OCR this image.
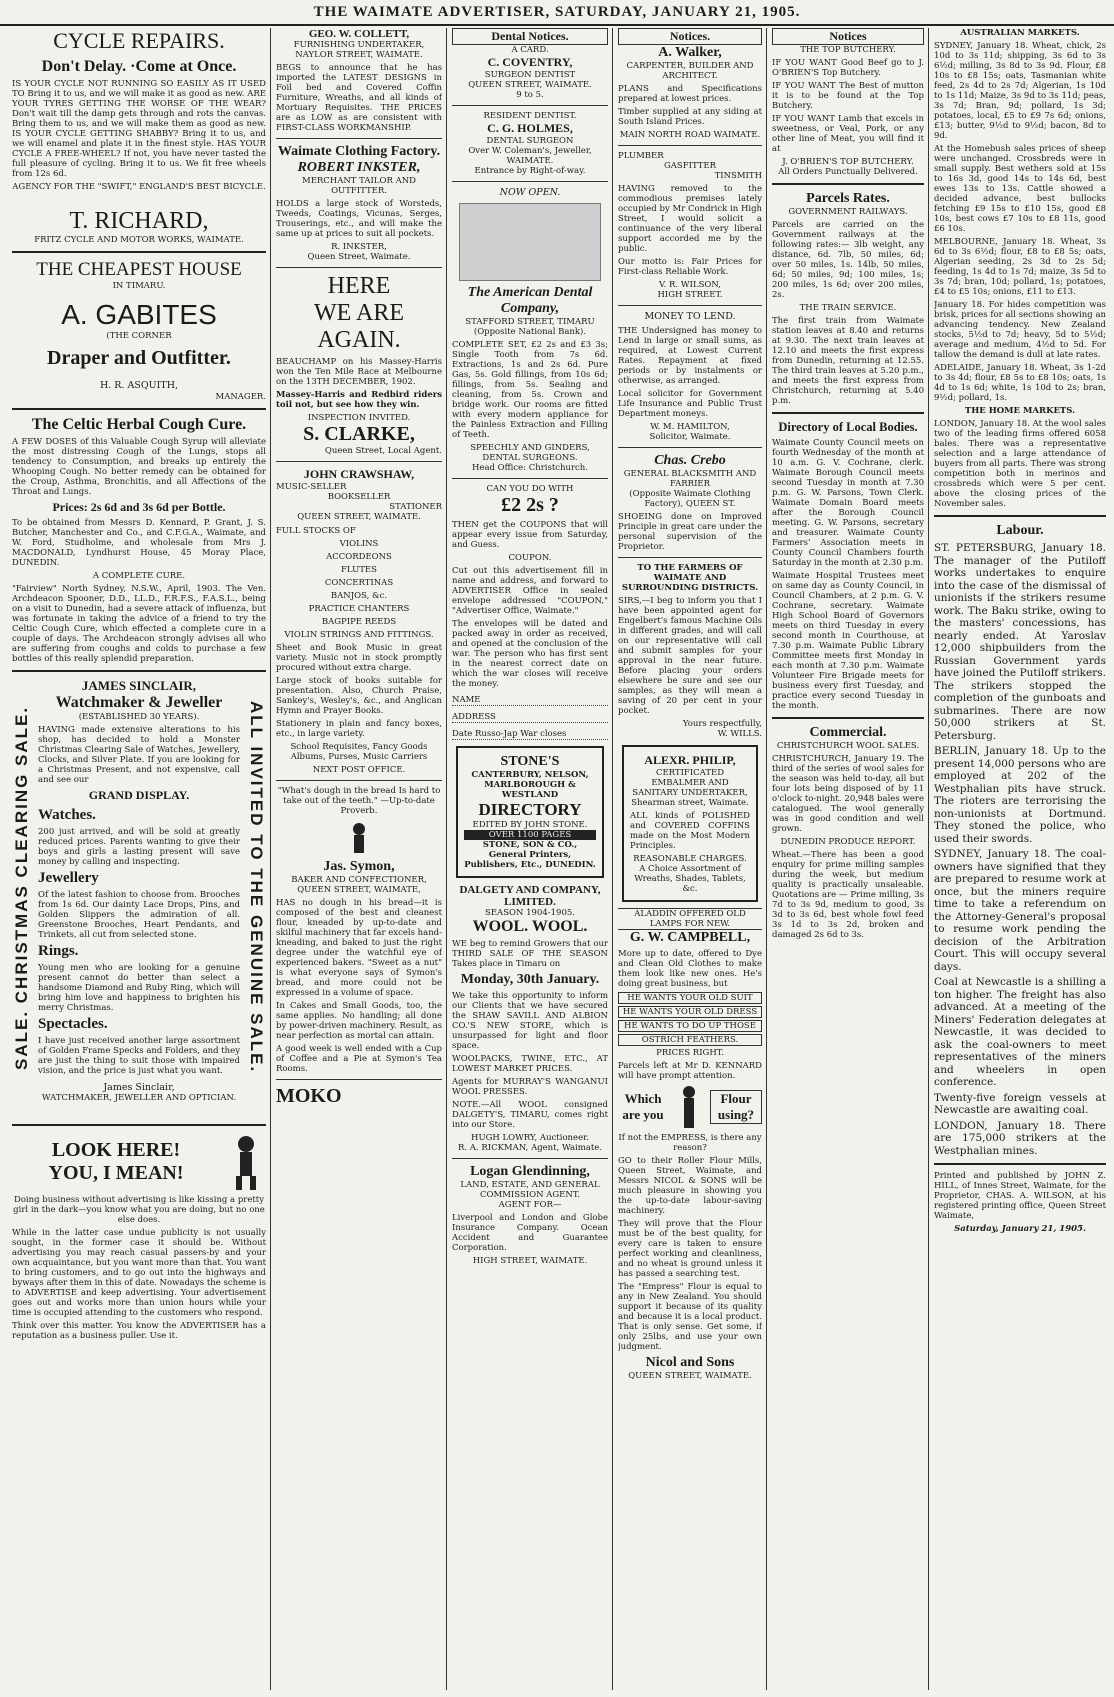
THE WAIMATE ADVERTISER, SATURDAY, JANUARY 21, 1905.
CYCLE REPAIRS.
Don't Delay. ·Come at Once.

IS YOUR CYCLE NOT RUNNING SO EASILY AS IT USED TO Bring it to us, and we will make it as good as new. ARE YOUR TYRES GETTING THE WORSE OF THE WEAR? Don't wait till the damp gets through and rots the canvas. Bring them to us, and we will make them as good as new. IS YOUR CYCLE GETTING SHABBY? Bring it to us, and we will enamel and plate it in the finest style. HAS YOUR CYCLE A FREE-WHEEL? If not, you have never tasted the full pleasure of cycling. Bring it to us. We fit free wheels from 12s 6d.

AGENCY FOR THE "SWIFT," ENGLAND'S BEST BICYCLE.
T. RICHARD,
FRITZ CYCLE AND MOTOR WORKS, WAIMATE.
THE CHEAPEST HOUSE
IN TIMARU.
A. GABITES
(THE CORNER
Draper and Outfitter.
H. R. ASQUITH,
MANAGER.
The Celtic Herbal Cough Cure.

A FEW DOSES of this Valuable Cough Syrup will alleviate the most distressing Cough of the Lungs, stops all tendency to Consumption, and breaks up entirely the Whooping Cough. No better remedy can be obtained for the Croup, Asthma, Bronchitis, and all Affections of the Throat and Lungs.

Prices: 2s 6d and 3s 6d per Bottle.

To be obtained from Messrs D. Kennard, P. Grant, J. S. Butcher, Manchester and Co., and C.F.G.A., Waimate, and W. Ford, Studholme, and wholesale from Mrs J. MACDONALD, Lyndhurst House, 45 Moray Place, DUNEDIN.

A COMPLETE CURE.

"Fairview" North Sydney, N.S.W., April, 1903. The Ven. Archdeacon Spooner, D.D., LL.D., F.R.F.S., F.A.S.L., being on a visit to Dunedin, had a severe attack of influenza, but was fortunate in taking the advice of a friend to try the Celtic Cough Cure, which effected a complete cure in a couple of days. The Archdeacon strongly advises all who are suffering from coughs and colds to purchase a few bottles of this really splendid preparation.

SALE. CHRISTMAS CLEARING SALE.	ALL INVITED TO THE GENUINE SALE.
JAMES SINCLAIR,
Watchmaker & Jeweller
(ESTABLISHED 30 YEARS).

HAVING made extensive alterations to his shop, has decided to hold a Monster Christmas Clearing Sale of Watches, Jewellery, Clocks, and Silver Plate. If you are looking for a Christmas Present, and not expensive, call and see our

GRAND DISPLAY.
Watches.

200 just arrived, and will be sold at greatly reduced prices. Parents wanting to give their boys and girls a lasting present will save money by calling and inspecting.

Jewellery

Of the latest fashion to choose from. Brooches from 1s 6d. Our dainty Lace Drops, Pins, and Golden Slippers the admiration of all. Greenstone Brooches, Heart Pendants, and Trinkets, all cut from selected stone.

Rings.

Young men who are looking for a genuine present cannot do better than select a handsome Diamond and Ruby Ring, which will bring him love and happiness to brighten his merry Christmas.

Spectacles.

I have just received another large assortment of Golden Frame Specks and Folders, and they are just the thing to suit those with impaired vision, and the price is just what you want.

James Sinclair,
WATCHMAKER, JEWELLER AND OPTICIAN.
LOOK HERE!
YOU, I MEAN!

Doing business without advertising is like kissing a pretty girl in the dark—you know what you are doing, but no one else does.

While in the latter case undue publicity is not usually sought, in the former case it should be. Without advertising you may reach casual passers-by and your own acquaintance, but you want more than that. You want to bring customers, and to go out into the highways and byways after them in this of date. Nowadays the scheme is to ADVERTISE and keep advertising. Your advertisement goes out and works more than union hours while your time is occupied attending to the customers who respond.

Think over this matter. You know the ADVERTISER has a reputation as a business puller. Use it.

GEO. W. COLLETT,
FURNISHING UNDERTAKER,
NAYLOR STREET, WAIMATE.

BEGS to announce that he has imported the LATEST DESIGNS in Foil bed and Covered Coffin Furniture, Wreaths, and all kinds of Mortuary Requisites. THE PRICES are as LOW as are consistent with FIRST-CLASS WORKMANSHIP.

Waimate Clothing Factory.
ROBERT INKSTER,
MERCHANT TAILOR AND OUTFITTER.

HOLDS a large stock of Worsteds, Tweeds, Coatings, Vicunas, Serges, Trouserings, etc., and will make the same up at prices to suit all pockets.

R. INKSTER,
Queen Street, Waimate.
HERE
WE ARE
AGAIN.

BEAUCHAMP on his Massey-Harris won the Ten Mile Race at Melbourne on the 13TH DECEMBER, 1902.

Massey-Harris and Redbird riders toil not, but see how they win.

INSPECTION INVITED.
S. CLARKE,
Queen Street, Local Agent.
JOHN CRAWSHAW,
MUSIC-SELLER
BOOKSELLER
STATIONER
QUEEN STREET, WAIMATE.
FULL STOCKS OF
VIOLINS
ACCORDEONS
FLUTES
CONCERTINAS
BANJOS, &c.
PRACTICE CHANTERS
BAGPIPE REEDS
VIOLIN STRINGS AND FITTINGS.

Sheet and Book Music in great variety. Music not in stock promptly procured without extra charge.

Large stock of books suitable for presentation. Also, Church Praise, Sankey's, Wesley's, &c., and Anglican Hymn and Prayer Books.

Stationery in plain and fancy boxes, etc., in large variety.

School Requisites, Fancy Goods Albums, Purses, Music Carriers

NEXT POST OFFICE.

"What's dough in the bread Is hard to take out of the teeth." —Up-to-date Proverb.

Jas. Symon,
BAKER AND CONFECTIONER, QUEEN STREET, WAIMATE,

HAS no dough in his bread—it is composed of the best and cleanest flour, kneaded by up-to-date and skilful machinery that far excels hand-kneading, and baked to just the right degree under the watchful eye of experienced bakers. "Sweet as a nut" is what everyone says of Symon's bread, and more could not be expressed in a volume of space.

In Cakes and Small Goods, too, the same applies. No handling; all done by power-driven machinery. Result, as near perfection as mortal can attain.

A good week is well ended with a Cup of Coffee and a Pie at Symon's Tea Rooms.

MOKO
Dental Notices.
A CARD.
C. COVENTRY,
SURGEON DENTIST
QUEEN STREET, WAIMATE.
9 to 5.
RESIDENT DENTIST.
C. G. HOLMES,
DENTAL SURGEON
Over W. Coleman's, Jeweller, WAIMATE.
Entrance by Right-of-way.
NOW OPEN.
The American Dental Company,
STAFFORD STREET, TIMARU (Opposite National Bank).

COMPLETE SET, £2 2s and £3 3s; Single Tooth from 7s 6d. Extractions, 1s and 2s 6d. Pure Gas, 5s. Gold fillings, from 10s 6d; fillings, from 5s. Sealing and cleaning, from 5s. Crown and bridge work. Our rooms are fitted with every modern appliance for the Painless Extraction and Filling of Teeth.

SPEECHLY AND GINDERS, DENTAL SURGEONS.
Head Office: Christchurch.
CAN YOU DO WITH
£2 2s ?

THEN get the COUPONS that will appear every issue from Saturday, and Guess.

COUPON.

Cut out this advertisement fill in name and address, and forward to ADVERTISER Office in sealed envelope addressed "COUPON," "Advertiser Office, Waimate."

The envelopes will be dated and packed away in order as received, and opened at the conclusion of the war. The person who has first sent in the nearest correct date on which the war closes will receive the money.

NAME
ADDRESS
Date Russo-Jap War closes
STONE'S
CANTERBURY, NELSON, MARLBOROUGH & WESTLAND
DIRECTORY
EDITED BY JOHN STONE.
OVER 1100 PAGES
STONE, SON & CO., General Printers, Publishers, Etc., DUNEDIN.
DALGETY AND COMPANY, LIMITED.
SEASON 1904-1905.
WOOL. WOOL.

WE beg to remind Growers that our THIRD SALE OF THE SEASON Takes place in Timaru on

Monday, 30th January.

We take this opportunity to inform our Clients that we have secured the SHAW SAVILL AND ALBION CO.'S NEW STORE, which is unsurpassed for light and floor space.

WOOLPACKS, TWINE, ETC., AT LOWEST MARKET PRICES.

Agents for MURRAY'S WANGANUI WOOL PRESSES.

NOTE.—All WOOL consigned DALGETY'S, TIMARU, comes right into our Store.

HUGH LOWRY, Auctioneer.
R. A. RICKMAN, Agent, Waimate.
Logan Glendinning,
LAND, ESTATE, AND GENERAL COMMISSION AGENT.
AGENT FOR—

Liverpool and London and Globe Insurance Company. Ocean Accident and Guarantee Corporation.

HIGH STREET, WAIMATE.
Notices.
A. Walker,
CARPENTER, BUILDER AND ARCHITECT.

PLANS and Specifications prepared at lowest prices.

Timber supplied at any siding at South Island Prices.

MAIN NORTH ROAD WAIMATE.
PLUMBER
GASFITTER
TINSMITH

HAVING removed to the commodious premises lately occupied by Mr Condrick in High Street, I would solicit a continuance of the very liberal support accorded me by the public.

Our motto is: Fair Prices for First-class Reliable Work.

V. R. WILSON,
HIGH STREET.
MONEY TO LEND.

THE Undersigned has money to Lend in large or small sums, as required, at Lowest Current Rates. Repayment at fixed periods or by instalments or otherwise, as arranged.

Local solicitor for Government Life Insurance and Public Trust Department moneys.

W. M. HAMILTON,
Solicitor, Waimate.
Chas. Crebo
GENERAL BLACKSMITH AND FARRIER
(Opposite Waimate Clothing Factory), QUEEN ST.

SHOEING done on Improved Principle in great care under the personal supervision of the Proprietor.

TO THE FARMERS OF WAIMATE AND SURROUNDING DISTRICTS.

SIRS,—I beg to inform you that I have been appointed agent for Engelbert's famous Machine Oils in different grades, and will call on our representative will call and submit samples for your approval in the near future. Before placing your orders elsewhere be sure and see our samples, as they will mean a saving of 20 per cent in your pocket.

Yours respectfully,
W. WILLS.
ALEXR. PHILIP,
CERTIFICATED EMBALMER AND SANITARY UNDERTAKER,
Shearman street, Waimate.

ALL kinds of POLISHED and COVERED COFFINS made on the Most Modern Principles.

REASONABLE CHARGES.
A Choice Assortment of Wreaths, Shades, Tablets, &c.
ALADDIN OFFERED OLD LAMPS FOR NEW.
G. W. CAMPBELL,

More up to date, offered to Dye and Clean Old Clothes to make them look like new ones. He's doing great business, but

HE WANTS YOUR OLD SUIT
HE WANTS YOUR OLD DRESS
HE WANTS TO DO UP THOSE
OSTRICH FEATHERS.
PRICES RIGHT.

Parcels left at Mr D. KENNARD will have prompt attention.

Which are you
Flour using?

If not the EMPRESS, is there any reason?

GO to their Roller Flour Mills, Queen Street, Waimate, and Messrs NICOL & SONS will be much pleasure in showing you the up-to-date labour-saving machinery.

They will prove that the Flour must be of the best quality, for every care is taken to ensure perfect working and cleanliness, and no wheat is ground unless it has passed a searching test.

The "Empress" Flour is equal to any in New Zealand. You should support it because of its quality and because it is a local product. That is only sense. Get some, if only 25lbs, and use your own judgment.

Nicol and Sons
QUEEN STREET, WAIMATE.
Notices
THE TOP BUTCHERY.

IF YOU WANT Good Beef go to J. O'BRIEN'S Top Butchery.

IF YOU WANT The Best of mutton it is to be found at the Top Butchery.

IF YOU WANT Lamb that excels in sweetness, or Veal, Pork, or any other line of Meat, you will find it at

J. O'BRIEN'S TOP BUTCHERY.
All Orders Punctually Delivered.
Parcels Rates.
GOVERNMENT RAILWAYS.

Parcels are carried on the Government railways at the following rates:— 3lb weight, any distance, 6d. 7lb, 50 miles, 6d; over 50 miles, 1s. 14lb, 50 miles, 6d; 50 miles, 9d; 100 miles, 1s; 200 miles, 1s 6d; over 200 miles, 2s.

THE TRAIN SERVICE.

The first train from Waimate station leaves at 8.40 and returns at 9.30. The next train leaves at 12.10 and meets the first express from Dunedin, returning at 12.55. The third train leaves at 5.20 p.m., and meets the first express from Christchurch, returning at 5.40 p.m.

Directory of Local Bodies.

Waimate County Council meets on fourth Wednesday of the month at 10 a.m. G. V. Cochrane, clerk. Waimate Borough Council meets second Tuesday in month at 7.30 p.m. G. W. Parsons, Town Clerk. Waimate Domain Board meets after the Borough Council meeting. G. W. Parsons, secretary and treasurer. Waimate County Farmers' Association meets in County Council Chambers fourth Saturday in the month at 2.30 p.m.

Waimate Hospital Trustees meet on same day as County Council, in Council Chambers, at 2 p.m. G. V. Cochrane, secretary. Waimate High School Board of Governors meets on third Tuesday in every second month in Courthouse, at 7.30 p.m. Waimate Public Library Committee meets first Monday in each month at 7.30 p.m. Waimate Volunteer Fire Brigade meets for business every first Tuesday, and practice every second Tuesday in the month.

Commercial.
CHRISTCHURCH WOOL SALES.

CHRISTCHURCH, January 19. The third of the series of wool sales for the season was held to-day, all but four lots being disposed of by 11 o'clock to-night. 20,948 bales were catalogued. The wool generally was in good condition and well grown.

DUNEDIN PRODUCE REPORT.

Wheat.—There has been a good enquiry for prime milling samples during the week, but medium quality is practically unsaleable. Quotations are — Prime milling, 3s 7d to 3s 9d, medium to good, 3s 3d to 3s 6d, best whole fowl feed 3s 1d to 3s 2d, broken and damaged 2s 6d to 3s.

AUSTRALIAN MARKETS.

SYDNEY, January 18. Wheat, chick, 2s 10d to 3s 11d; shipping, 3s 6d to 3s 6½d; milling, 3s 8d to 3s 9d. Flour, £8 10s to £8 15s; oats, Tasmanian white feed, 2s 4d to 2s 7d; Algerian, 1s 10d to 1s 11d; Maize, 3s 9d to 3s 11d; peas, 3s 7d; Bran, 9d; pollard, 1s 3d; potatoes, local, £5 to £9 7s 6d; onions, £13; butter, 9½d to 9½d; bacon, 8d to 9d.

At the Homebush sales prices of sheep were unchanged. Crossbreds were in small supply. Best wethers sold at 15s to 16s 3d, good 14s to 14s 6d, best ewes 13s to 13s. Cattle showed a decided advance, best bullocks fetching £9 15s to £10 15s, good £8 10s, best cows £7 10s to £8 11s, good £6 10s.

MELBOURNE, January 18. Wheat, 3s 6d to 3s 6½d; flour, £8 to £8 5s; oats, Algerian seeding, 2s 3d to 2s 5d; feeding, 1s 4d to 1s 7d; maize, 3s 5d to 3s 7d; bran, 10d; pollard, 1s; potatoes, £4 to £5 10s; onions, £11 to £13.

January 18. For hides competition was brisk, prices for all sections showing an advancing tendency. New Zealand stocks, 5½d to 7d; heavy, 5d to 5½d; average and medium, 4½d to 5d. For tallow the demand is dull at late rates.

ADELAIDE, January 18. Wheat, 3s 1-2d to 3s 4d; flour, £8 5s to £8 10s; oats, 1s 4d to 1s 6d; white, 1s 10d to 2s; bran, 9½d; pollard, 1s.

THE HOME MARKETS.

LONDON, January 18. At the wool sales two of the leading firms offered 6058 bales. There was a representative selection and a large attendance of buyers from all parts. There was strong competition both in merinos and crossbreds which were 5 per cent. above the closing prices of the November sales.

Labour.

ST. PETERSBURG, January 18. The manager of the Putiloff works undertakes to enquire into the case of the dismissal of unionists if the strikers resume work. The Baku strike, owing to the masters' concessions, has nearly ended. At Yaroslav 12,000 shipbuilders from the Russian Government yards have joined the Putiloff strikers. The strikers stopped the completion of the gunboats and submarines. There are now 50,000 strikers at St. Petersburg.

BERLIN, January 18. Up to the present 14,000 persons who are employed at 202 of the Westphalian pits have struck. The rioters are terrorising the non-unionists at Dortmund. They stoned the police, who used their swords.

SYDNEY, January 18. The coal-owners have signified that they are prepared to resume work at once, but the miners require time to take a referendum on the Attorney-General's proposal to resume work pending the decision of the Arbitration Court. This will occupy several days.

Coal at Newcastle is a shilling a ton higher. The freight has also advanced. At a meeting of the Miners' Federation delegates at Newcastle, it was decided to ask the coal-owners to meet representatives of the miners and wheelers in open conference.

Twenty-five foreign vessels at Newcastle are awaiting coal.

LONDON, January 18. There are 175,000 strikers at the Westphalian mines.

Printed and published by JOHN Z. HILL, of Innes Street, Waimate, for the Proprietor, CHAS. A. WILSON, at his registered printing office, Queen Street Waimate,

Saturday, January 21, 1905.
